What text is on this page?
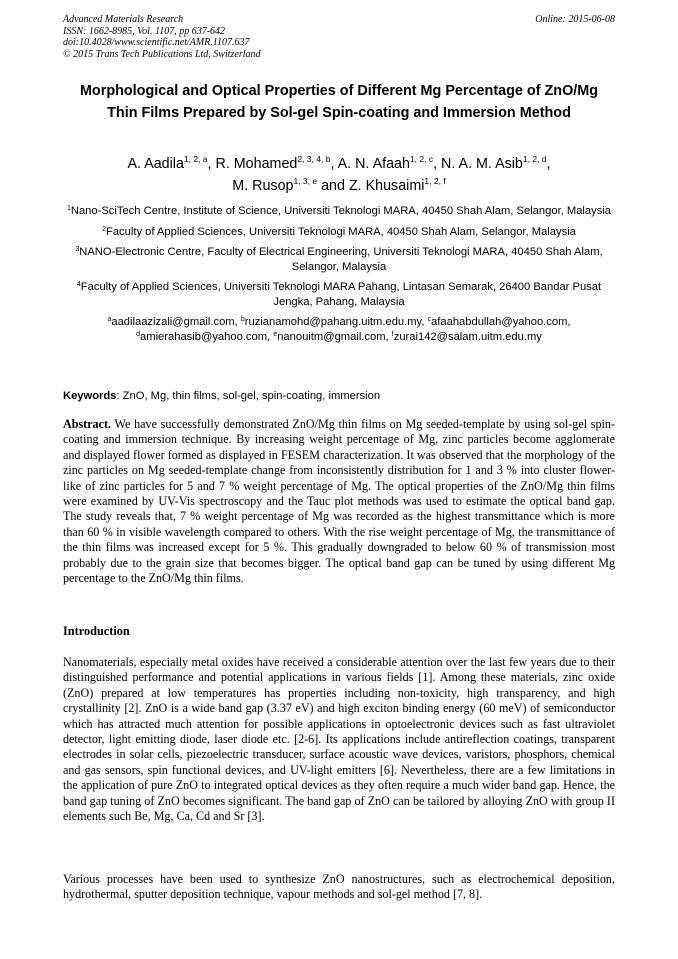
Advanced Materials Research
ISSN: 1662-8985, Vol. 1107, pp 637-642
doi:10.4028/www.scientific.net/AMR.1107.637
© 2015 Trans Tech Publications Ltd, Switzerland
Online: 2015-06-08
Morphological and Optical Properties of Different Mg Percentage of ZnO/Mg Thin Films Prepared by Sol-gel Spin-coating and Immersion Method
A. Aadila$^{1, 2, a}$, R. Mohamed$^{2, 3, 4, b}$, A. N. Afaah$^{1, 2, c}$, N. A. M. Asib$^{1, 2, d}$,
M. Rusop$^{1, 3, e}$ and Z. Khusaimi$^{1, 2, f}$
$^1$Nano-SciTech Centre, Institute of Science, Universiti Teknologi MARA, 40450 Shah Alam, Selangor, Malaysia
$^2$Faculty of Applied Sciences, Universiti Teknologi MARA, 40450 Shah Alam, Selangor, Malaysia
$^3$NANO-Electronic Centre, Faculty of Electrical Engineering, Universiti Teknologi MARA, 40450 Shah Alam, Selangor, Malaysia
$^4$Faculty of Applied Sciences, Universiti Teknologi MARA Pahang, Lintasan Semarak, 26400 Bandar Pusat Jengka, Pahang, Malaysia
$^a$aadilaazizali@gmail.com, $^b$ruzianamohd@pahang.uitm.edu.my, $^c$afaahabdullah@yahoo.com, $^d$amierahasib@yahoo.com, $^e$nanouitm@gmail.com, $^f$zurai142@salam.uitm.edu.my
Keywords: ZnO, Mg, thin films, sol-gel, spin-coating, immersion
Abstract. We have successfully demonstrated ZnO/Mg thin films on Mg seeded-template by using sol-gel spin-coating and immersion technique. By increasing weight percentage of Mg, zinc particles become agglomerate and displayed flower formed as displayed in FESEM characterization. It was observed that the morphology of the zinc particles on Mg seeded-template change from inconsistently distribution for 1 and 3 % into cluster flower-like of zinc particles for 5 and 7 % weight percentage of Mg. The optical properties of the ZnO/Mg thin films were examined by UV-Vis spectroscopy and the Tauc plot methods was used to estimate the optical band gap. The study reveals that, 7 % weight percentage of Mg was recorded as the highest transmittance which is more than 60 % in visible wavelength compared to others. With the rise weight percentage of Mg, the transmittance of the thin films was increased except for 5 %. This gradually downgraded to below 60 % of transmission most probably due to the grain size that becomes bigger. The optical band gap can be tuned by using different Mg percentage to the ZnO/Mg thin films.
Introduction
Nanomaterials, especially metal oxides have received a considerable attention over the last few years due to their distinguished performance and potential applications in various fields [1]. Among these materials, zinc oxide (ZnO) prepared at low temperatures has properties including non-toxicity, high transparency, and high crystallinity [2]. ZnO is a wide band gap (3.37 eV) and high exciton binding energy (60 meV) of semiconductor which has attracted much attention for possible applications in optoelectronic devices such as fast ultraviolet detector, light emitting diode, laser diode etc. [2-6]. Its applications include antireflection coatings, transparent electrodes in solar cells, piezoelectric transducer, surface acoustic wave devices, varistors, phosphors, chemical and gas sensors, spin functional devices, and UV-light emitters [6]. Nevertheless, there are a few limitations in the application of pure ZnO to integrated optical devices as they often require a much wider band gap. Hence, the band gap tuning of ZnO becomes significant. The band gap of ZnO can be tailored by alloying ZnO with group II elements such Be, Mg, Ca, Cd and Sr [3].
Various processes have been used to synthesize ZnO nanostructures, such as electrochemical deposition, hydrothermal, sputter deposition technique, vapour methods and sol-gel method [7, 8].
